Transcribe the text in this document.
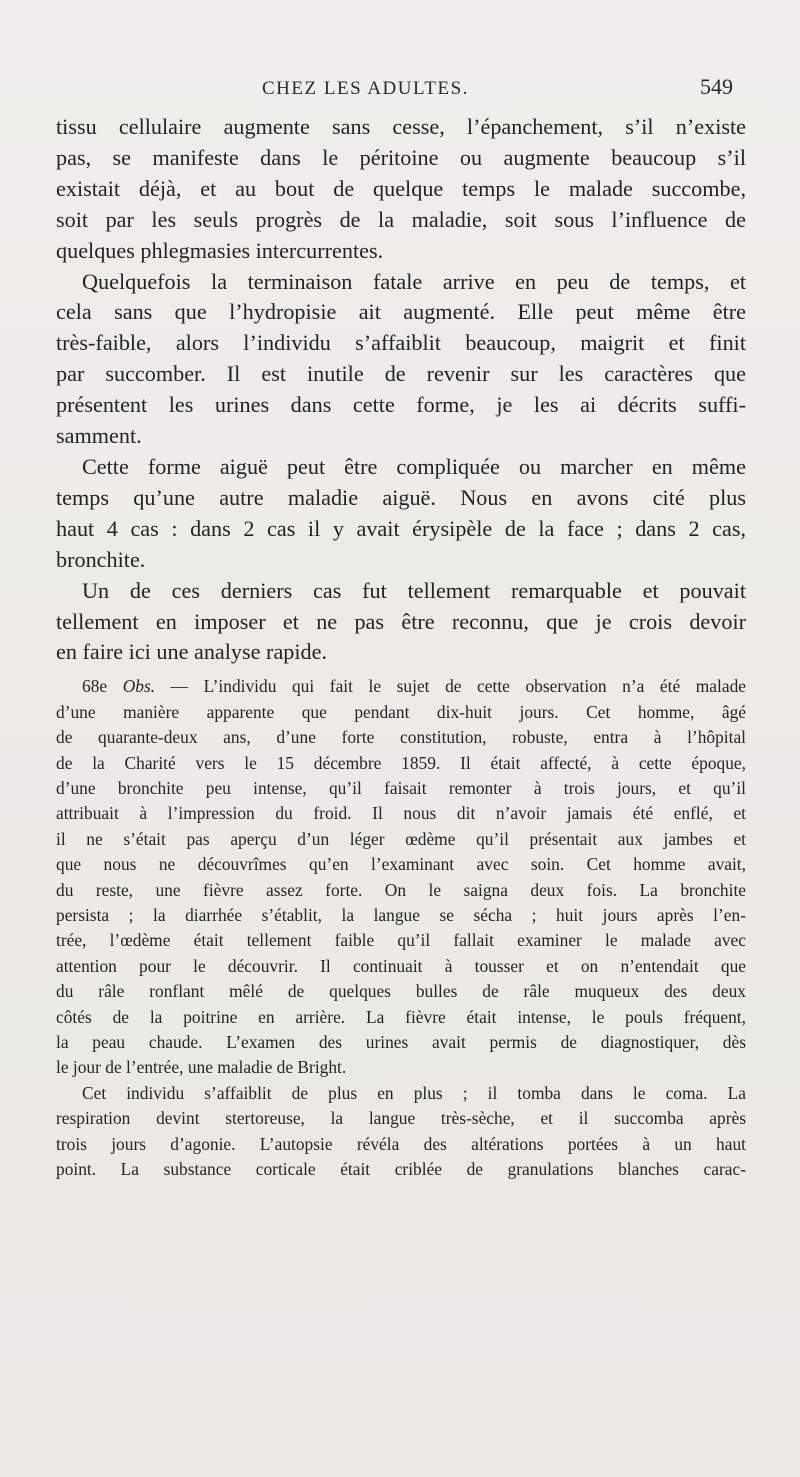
CHEZ LES ADULTES.	549

tissu cellulaire augmente sans cesse, l’épanchement, s’il n’existe
pas, se manifeste dans le péritoine ou augmente beaucoup s’il
existait déjà, et au bout de quelque temps le malade succombe,
soit par les seuls progrès de la maladie, soit sous l’influence de
quelques phlegmasies intercurrentes.

Quelquefois la terminaison fatale arrive en peu de temps, et
cela sans que l’hydropisie ait augmenté. Elle peut même être
très-faible, alors l’individu s’affaiblit beaucoup, maigrit et finit
par succomber. Il est inutile de revenir sur les caractères que
présentent les urines dans cette forme, je les ai décrits suffi-
samment.

Cette forme aiguë peut être compliquée ou marcher en même
temps qu’une autre maladie aiguë. Nous en avons cité plus
haut 4 cas : dans 2 cas il y avait érysipèle de la face ; dans 2 cas,
bronchite.

Un de ces derniers cas fut tellement remarquable et pouvait
tellement en imposer et ne pas être reconnu, que je crois devoir
en faire ici une analyse rapide.

68e Obs. — L’individu qui fait le sujet de cette observation n’a été malade
d’une manière apparente que pendant dix-huit jours. Cet homme, âgé
de quarante-deux ans, d’une forte constitution, robuste, entra à l’hôpital
de la Charité vers le 15 décembre 1859. Il était affecté, à cette époque,
d’une bronchite peu intense, qu’il faisait remonter à trois jours, et qu’il
attribuait à l’impression du froid. Il nous dit n’avoir jamais été enflé, et
il ne s’était pas aperçu d’un léger œdème qu’il présentait aux jambes et
que nous ne découvrîmes qu’en l’examinant avec soin. Cet homme avait,
du reste, une fièvre assez forte. On le saigna deux fois. La bronchite
persista ; la diarrhée s’établit, la langue se sécha ; huit jours après l’en-
trée, l’œdème était tellement faible qu’il fallait examiner le malade avec
attention pour le découvrir. Il continuait à tousser et on n’entendait que
du râle ronflant mêlé de quelques bulles de râle muqueux des deux
côtés de la poitrine en arrière. La fièvre était intense, le pouls fréquent,
la peau chaude. L’examen des urines avait permis de diagnostiquer, dès
le jour de l’entrée, une maladie de Bright.

Cet individu s’affaiblit de plus en plus ; il tomba dans le coma. La
respiration devint stertoreuse, la langue très-sèche, et il succomba après
trois jours d’agonie. L’autopsie révéla des altérations portées à un haut
point. La substance corticale était criblée de granulations blanches carac-
